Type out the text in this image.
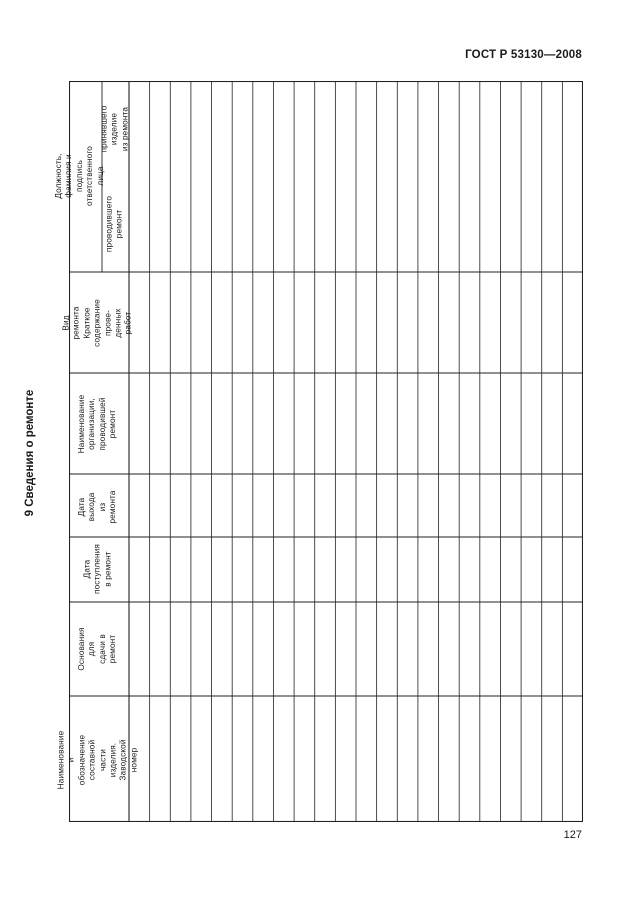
ГОСТ Р 53130—2008
9 Сведения о ремонте
Наименование и
обозначение составной
части изделия.
Заводской номер
Основания для
сдачи в ремонт
Дата
поступления
в ремонт
Дата
выхода из
ремонта
Наименование
организации,
проводившей
ремонт
Вид ремонта
Краткое
содержание прове-
денных работ
Должность, фамилия и подпись
ответственного лица
проводившего
ремонт
принявшего изделие
из ремонта
127
